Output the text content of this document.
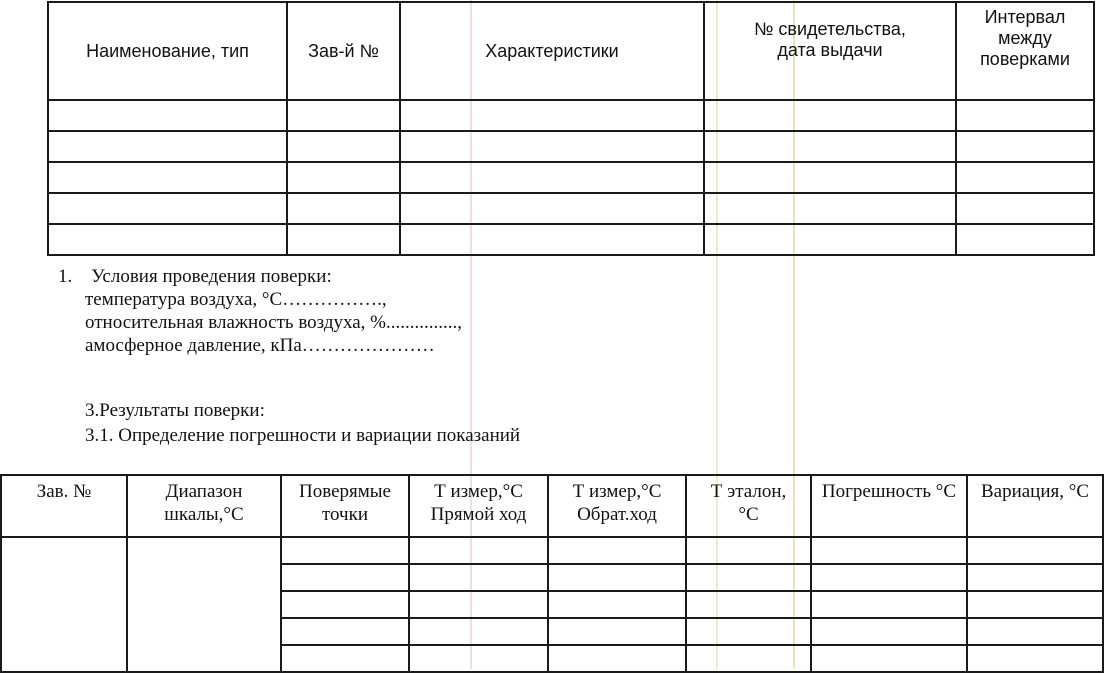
Наименование, тип	Зав-й №	Характеристики	№ свидетельства, дата выдачи	Интервал между поверками

1.    Условия проведения поверки:
температура воздуха, °С…………….,
относительная влажность воздуха, %...............,
амосферное давление, кПа…………………
3.Результаты поверки:
3.1. Определение погрешности и вариации показаний
Зав. №	Диапазон шкалы,°С	Поверямые точки	Т измер,°С Прямой ход	Т измер,°С Обрат.ход	Т эталон, °С	Погрешность °С	Вариация, °С
